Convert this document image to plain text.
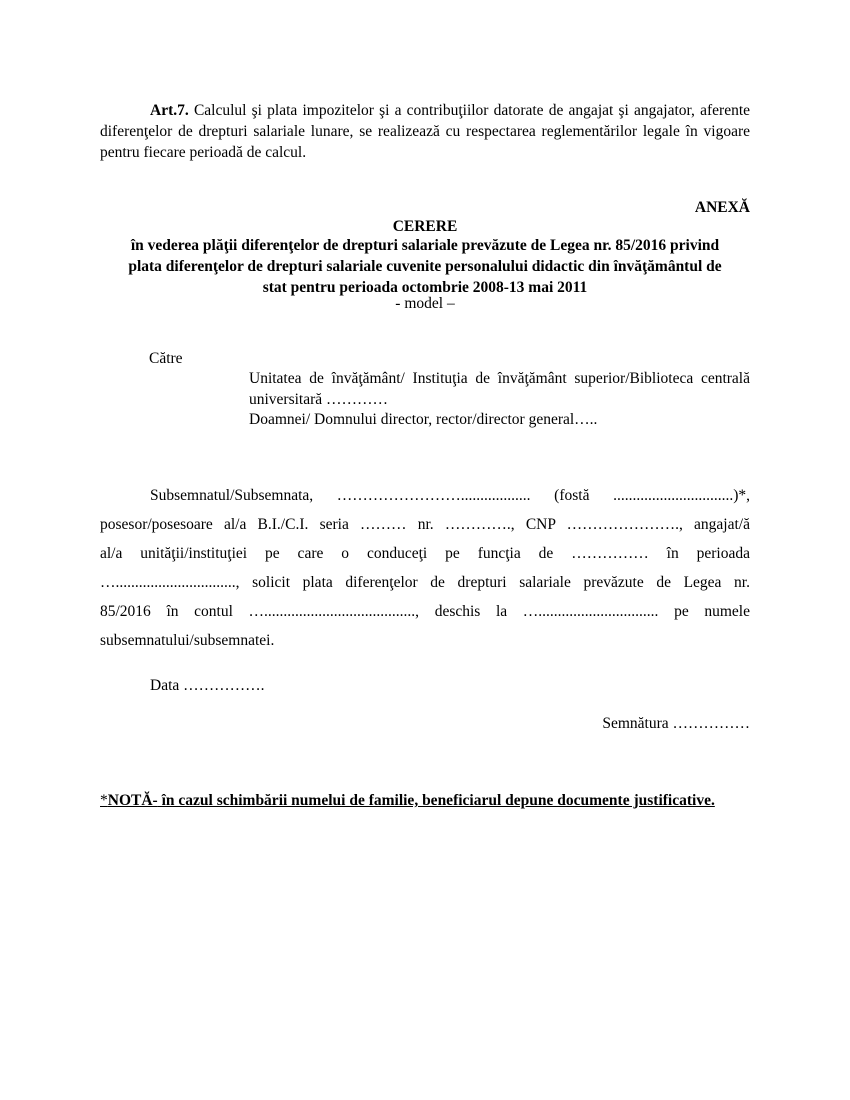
Art.7. Calculul şi plata impozitelor şi a contribuţiilor datorate de angajat şi angajator, aferente diferenţelor de drepturi salariale lunare, se realizează cu respectarea reglementărilor legale în vigoare pentru fiecare perioadă de calcul.
ANEXĂ
CERERE
în vederea plăţii diferenţelor de drepturi salariale prevăzute de Legea nr. 85/2016 privind
plata diferenţelor de drepturi salariale cuvenite personalului didactic din învăţământul de
stat pentru perioada octombrie 2008-13 mai 2011
- model –
Către
Unitatea de învăţământ/ Instituţia de învăţământ superior/Biblioteca centrală universitară …………
Doamnei/ Domnului director, rector/director general…..
Subsemnatul/Subsemnata, …………………….................. (fostă ...............................)*,
posesor/posesoare al/a B.I./C.I. seria ……… nr. …………., CNP …………………., angajat/ă
al/a unităţii/instituţiei pe care o conduceţi pe funcţia de …………… în perioada
…..............................., solicit plata diferenţelor de drepturi salariale prevăzute de Legea nr.
85/2016 în contul …......................................., deschis la …............................... pe numele
subsemnatului/subsemnatei.
Data …………….
Semnătura ……………
*NOTĂ- în cazul schimbării numelui de familie, beneficiarul depune documente justificative.
